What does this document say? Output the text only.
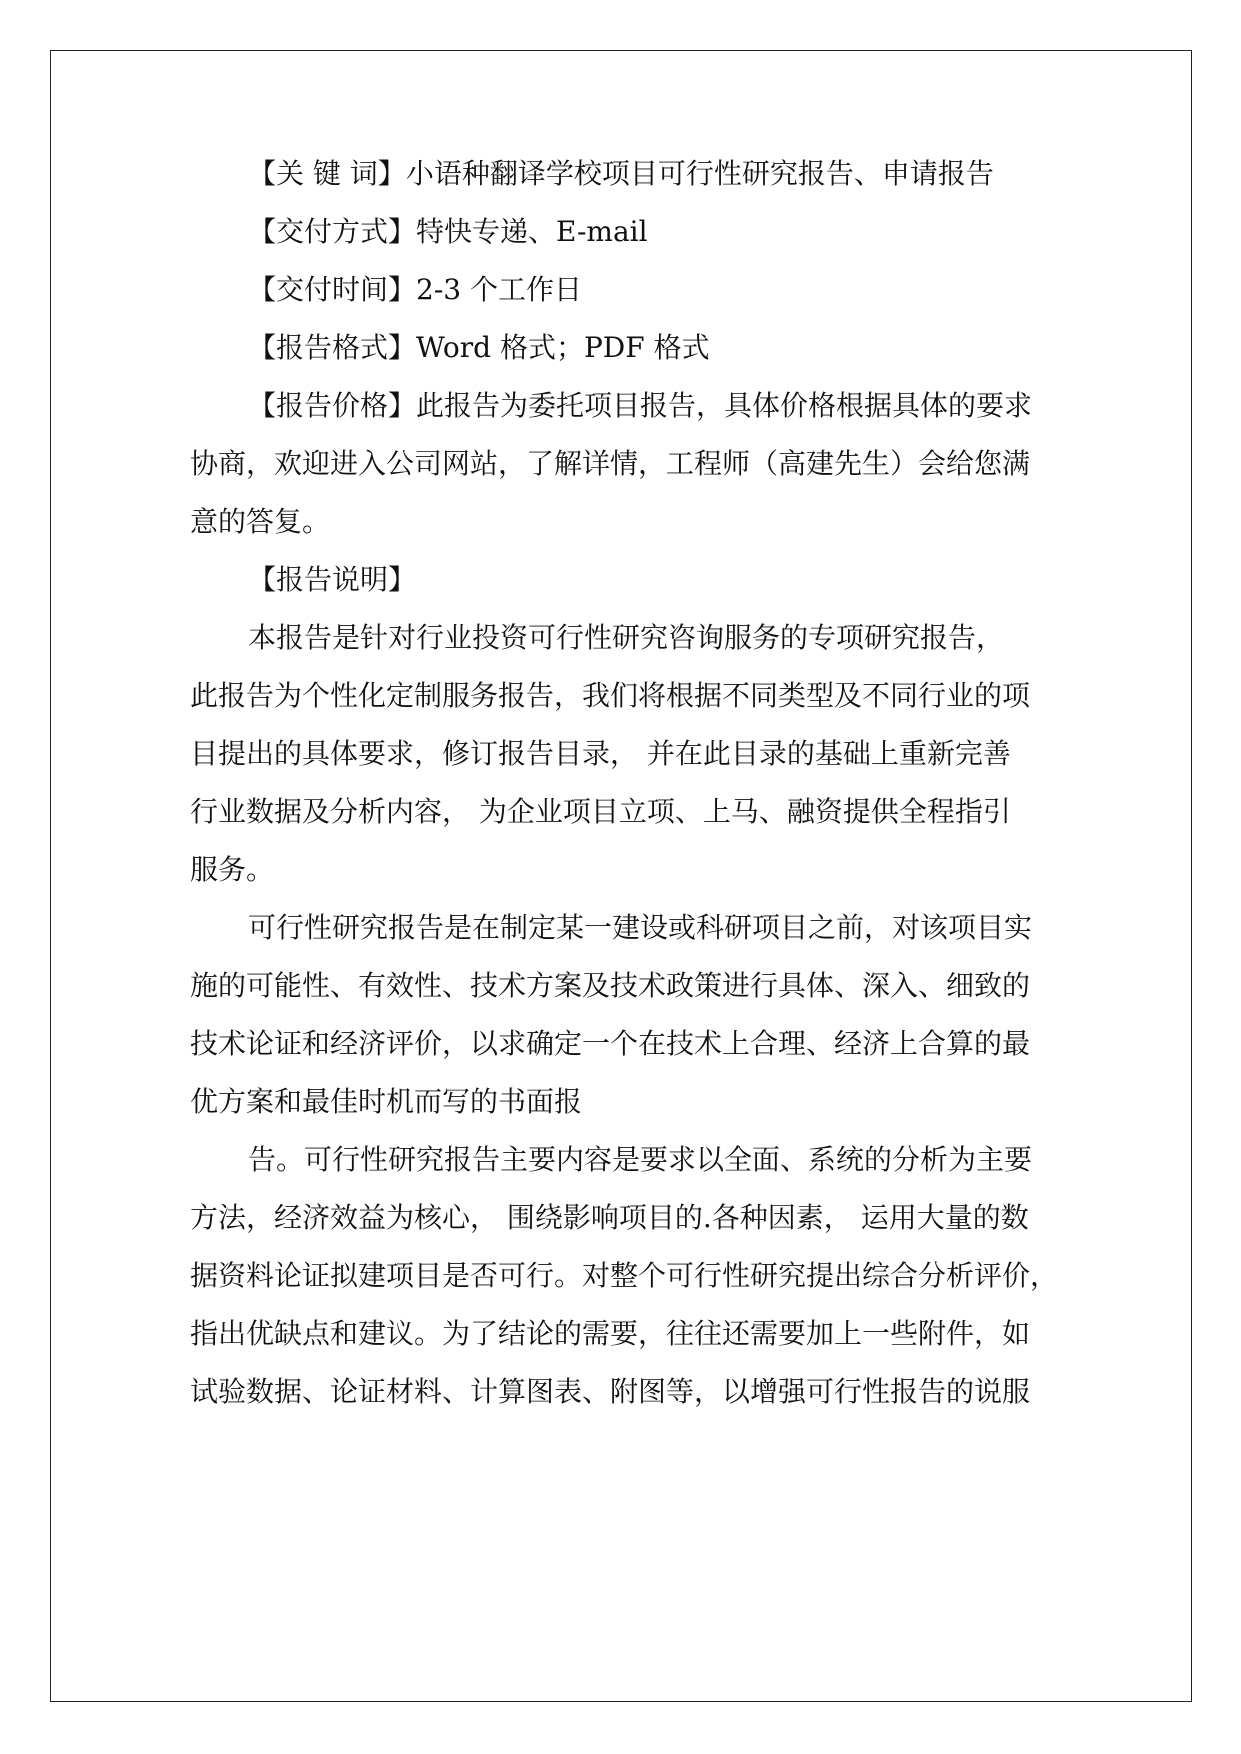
【关 键 词】小语种翻译学校项目可行性研究报告、申请报告
【交付方式】特快专递、E-mail
【交付时间】2-3 个工作日
【报告格式】Word 格式；PDF 格式
【报告价格】此报告为委托项目报告，具体价格根据具体的要求
协商，欢迎进入公司网站，了解详情，工程师（高建先生）会给您满
意的答复。
【报告说明】
本报告是针对行业投资可行性研究咨询服务的专项研究报告，
此报告为个性化定制服务报告，我们将根据不同类型及不同行业的项
目提出的具体要求，修订报告目录， 并在此目录的基础上重新完善
行业数据及分析内容， 为企业项目立项、上马、融资提供全程指引
服务。
可行性研究报告是在制定某一建设或科研项目之前，对该项目实
施的可能性、有效性、技术方案及技术政策进行具体、深入、细致的
技术论证和经济评价，以求确定一个在技术上合理、经济上合算的最
优方案和最佳时机而写的书面报
告。可行性研究报告主要内容是要求以全面、系统的分析为主要
方法，经济效益为核心， 围绕影响项目的.各种因素， 运用大量的数
据资料论证拟建项目是否可行。对整个可行性研究提出综合分析评价，
指出优缺点和建议。为了结论的需要，往往还需要加上一些附件，如
试验数据、论证材料、计算图表、附图等，以增强可行性报告的说服
